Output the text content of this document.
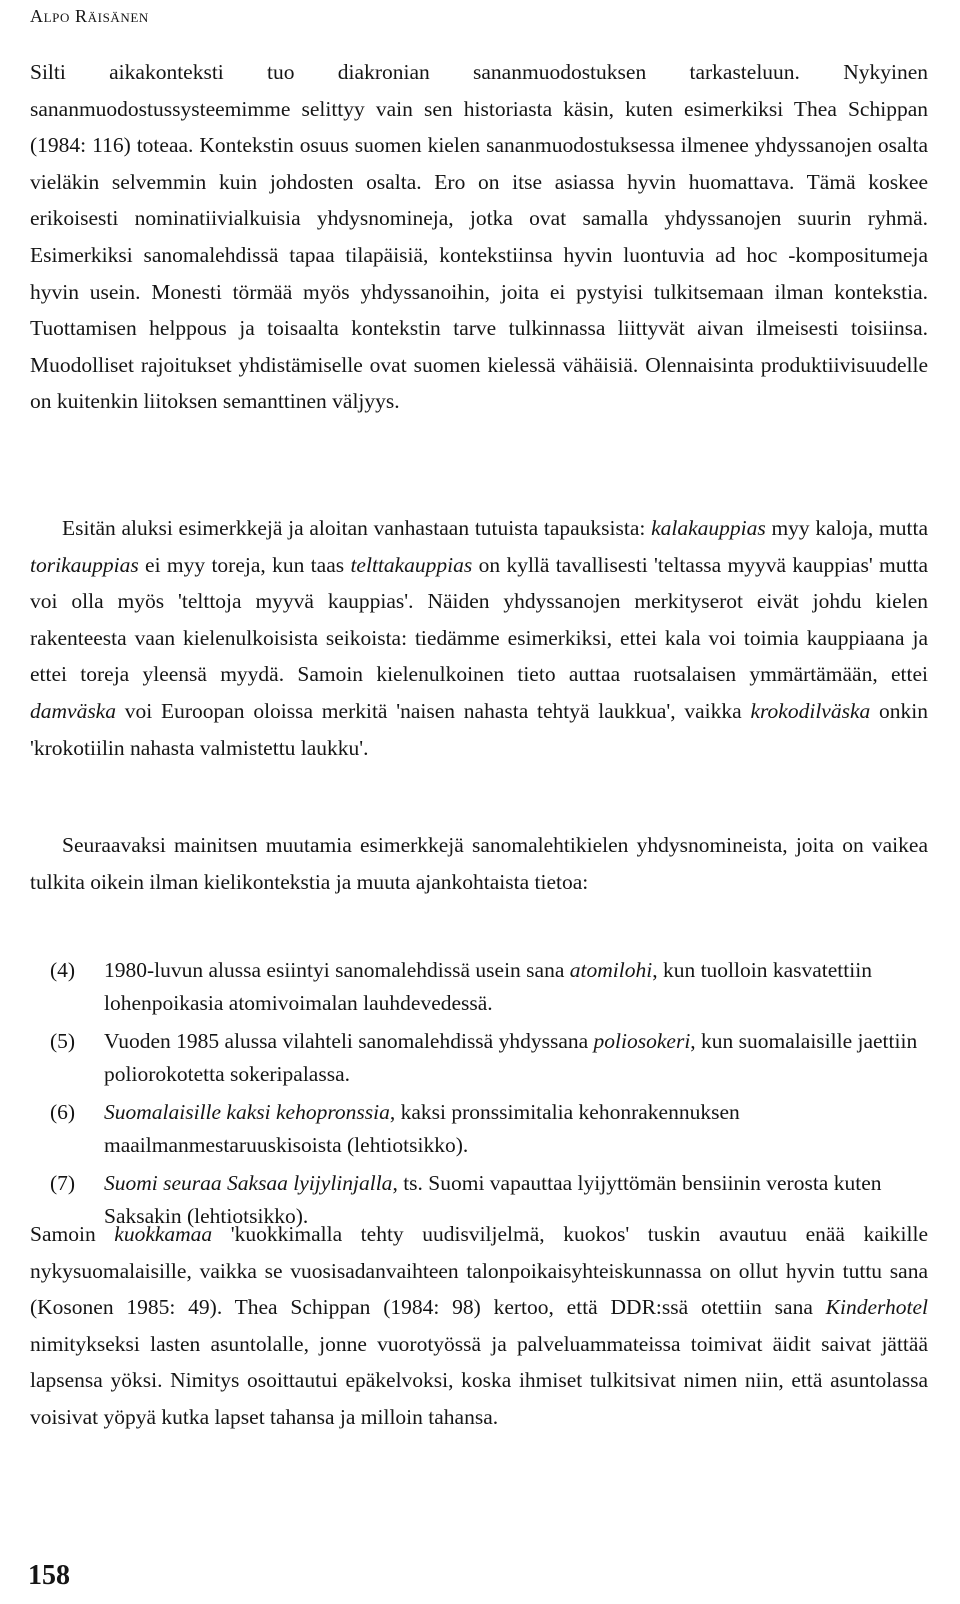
Alpo Räisänen

Silti aikakonteksti tuo diakronian sananmuodostuksen tarkasteluun. Nykyinen sananmuodostussysteemimme selittyy vain sen historiasta käsin, kuten esimerkiksi Thea Schippan (1984: 116) toteaa. Kontekstin osuus suomen kielen sananmuodostuksessa ilmenee yhdyssanojen osalta vieläkin selvemmin kuin johdosten osalta. Ero on itse asiassa hyvin huomattava. Tämä koskee erikoisesti nominatiivialkuisia yhdysnomineja, jotka ovat samalla yhdyssanojen suurin ryhmä. Esimerkiksi sanomalehdissä tapaa tilapäisiä, kontekstiinsa hyvin luontuvia ad hoc -kompositumeja hyvin usein. Monesti törmää myös yhdyssanoihin, joita ei pystyisi tulkitsemaan ilman kontekstia. Tuottamisen helppous ja toisaalta kontekstin tarve tulkinnassa liittyvät aivan ilmeisesti toisiinsa. Muodolliset rajoitukset yhdistämiselle ovat suomen kielessä vähäisiä. Olennaisinta produktiivisuudelle on kuitenkin liitoksen semanttinen väljyys.

Esitän aluksi esimerkkejä ja aloitan vanhastaan tutuista tapauksista: kalakauppias myy kaloja, mutta torikauppias ei myy toreja, kun taas telttakauppias on kyllä tavallisesti 'teltassa myyvä kauppias' mutta voi olla myös 'telttoja myyvä kauppias'. Näiden yhdyssanojen merkityserot eivät johdu kielen rakenteesta vaan kielenulkoisista seikoista: tiedämme esimerkiksi, ettei kala voi toimia kauppiaana ja ettei toreja yleensä myydä. Samoin kielenulkoinen tieto auttaa ruotsalaisen ymmärtämään, ettei damväska voi Euroopan oloissa merkitä 'naisen nahasta tehtyä laukkua', vaikka krokodilväska onkin 'krokotiilin nahasta valmistettu laukku'.

Seuraavaksi mainitsen muutamia esimerkkejä sanomalehtikielen yhdysnomineista, joita on vaikea tulkita oikein ilman kielikontekstia ja muuta ajankohtaista tietoa:

(4) 1980-luvun alussa esiintyi sanomalehdissä usein sana atomilohi, kun tuolloin kasvatettiin lohenpoikasia atomivoimalan lauhdevedessä.
(5) Vuoden 1985 alussa vilahteli sanomalehdissä yhdyssana poliosokeri, kun suomalaisille jaettiin poliorokotetta sokeripalassa.
(6) Suomalaisille kaksi kehopronssia, kaksi pronssimitalia kehonrakennuksen maailmanmestaruuskisoista (lehtiotsikko).
(7) Suomi seuraa Saksaa lyijylinjalla, ts. Suomi vapauttaa lyijyttömän bensiinin verosta kuten Saksakin (lehtiotsikko).

Samoin kuokkamaa 'kuokkimalla tehty uudisviljelmä, kuokos' tuskin avautuu enää kaikille nykysuomalaisille, vaikka se vuosisadanvaihteen talonpoikaisyhteiskunnassa on ollut hyvin tuttu sana (Kosonen 1985: 49). Thea Schippan (1984: 98) kertoo, että DDR:ssä otettiin sana Kinderhotel nimitykseksi lasten asuntolalle, jonne vuorotyössä ja palveluammateissa toimivat äidit saivat jättää lapsensa yöksi. Nimitys osoittautui epäkelvoksi, koska ihmiset tulkitsivat nimen niin, että asuntolassa voisivat yöpyä kutka lapset tahansa ja milloin tahansa.

158
